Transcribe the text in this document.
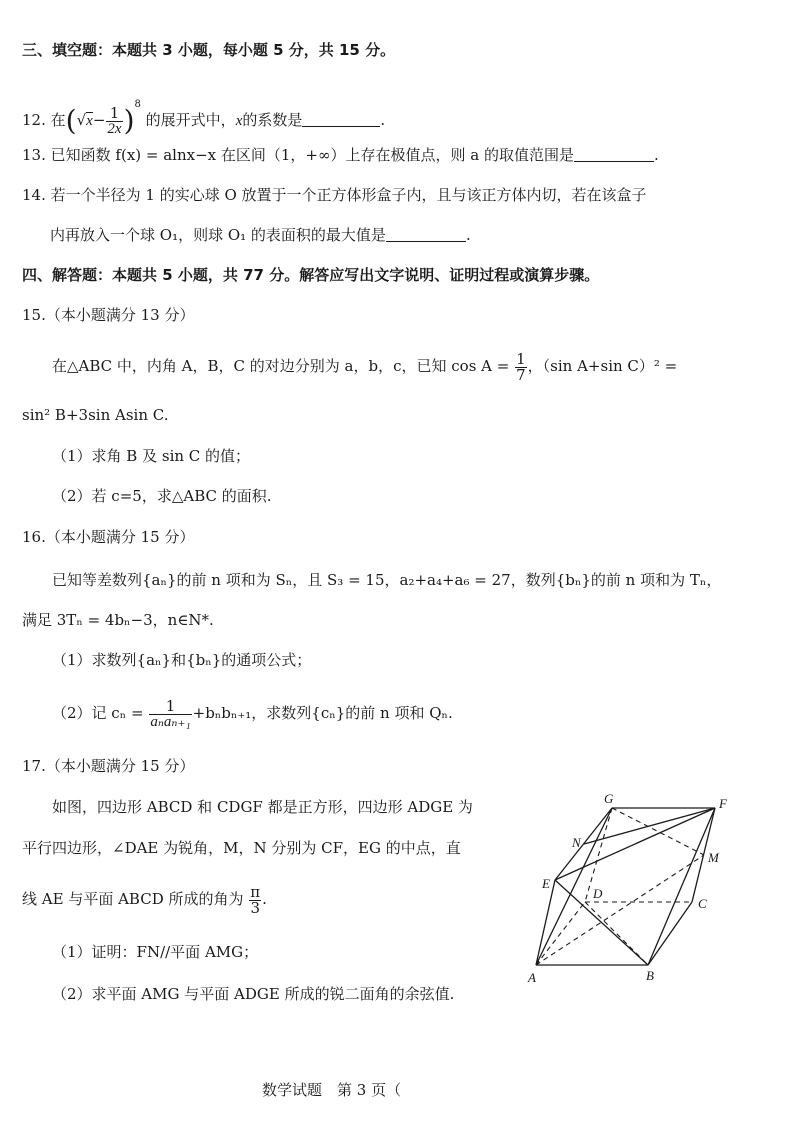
三、填空题：本题共 3 小题，每小题 5 分，共 15 分。
12. 在$(√x- \frac{1}{2x} )^8$ 的展开式中，x的系数是	.
13. 已知函数 f(x) = alnx−x 在区间（1，+∞）上存在极值点，则 a 的取值范围是	.
14. 若一个半径为 1 的实心球 O 放置于一个正方体形盒子内，且与该正方体内切，若在该盒子
内再放入一个球 O₁，则球 O₁ 的表面积的最大值是	.
四、解答题：本题共 5 小题，共 77 分。解答应写出文字说明、证明过程或演算步骤。
15.（本小题满分 13 分）
在△ABC 中，内角 A，B，C 的对边分别为 a，b，c，已知 $\cos A = \frac{1}{7}$ ，（sin A+sin C）² =
sin² B+3sin Asin C.
（1）求角 B 及 sin C 的值；
（2）若 c=5，求△ABC 的面积.
16.（本小题满分 15 分）
已知等差数列{aₙ}的前 n 项和为 Sₙ，且 S₃ = 15，a₂+a₄+a₆ = 27，数列{bₙ}的前 n 项和为 Tₙ，
满足 3Tₙ = 4bₙ−3，n∈N*.
（1）求数列{aₙ}和{bₙ}的通项公式；
（2）记 $c_n = \frac{1}{\text{aₙaₙ₊₁}} +b_nb_{n+1}$，求数列{cₙ}的前 n 项和 Qₙ.
17.（本小题满分 15 分）
如图，四边形 ABCD 和 CDGF 都是正方形，四边形 ADGE 为
平行四边形，∠DAE 为锐角，M，N 分别为 CF，EG 的中点，直
线 AE 与平面 ABCD 所成的角为 $\frac{\pi}{3}$ .
（1）证明：FN//平面 AMG；
（2）求平面 AMG 与平面 ADGE 所成的锐二面角的余弦值.
G	F
N
M
E
D
C
A	B
数学试题　第 3 页（
